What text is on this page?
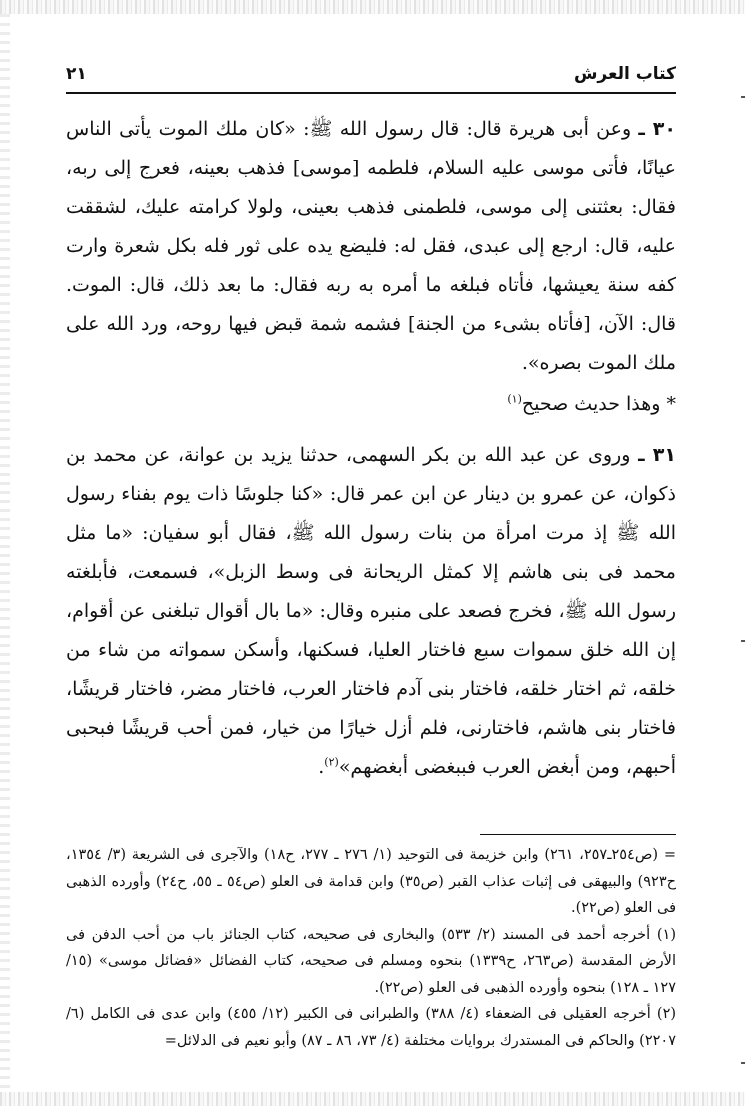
كتاب العرش
٢١

٣٠ ـ وعن أبى هريرة قال: قال رسول الله ﷺ: «كان ملك الموت يأتى الناس عيانًا، فأتى موسى عليه السلام، فلطمه [موسى] فذهب بعينه، فعرج إلى ربه، فقال: بعثتنى إلى موسى، فلطمنى فذهب بعينى، ولولا كرامته عليك، لشققت عليه، قال: ارجع إلى عبدى، فقل له: فليضع يده على ثور فله بكل شعرة وارت كفه سنة يعيشها، فأتاه فبلغه ما أمره به ربه فقال: ما بعد ذلك، قال: الموت. قال: الآن، [فأتاه بشىء من الجنة] فشمه شمة قبض فيها روحه، ورد الله على ملك الموت بصره».

* وهذا حديث صحيح$^{(١)}$

٣١ ـ وروى عن عبد الله بن بكر السهمى، حدثنا يزيد بن عوانة، عن محمد بن ذكوان، عن عمرو بن دينار عن ابن عمر قال: «كنا جلوسًا ذات يوم بفناء رسول الله ﷺ إذ مرت امرأة من بنات رسول الله ﷺ، فقال أبو سفيان: «ما مثل محمد فى بنى هاشم إلا كمثل الريحانة فى وسط الزبل»، فسمعت، فأبلغته رسول الله ﷺ، فخرج فصعد على منبره وقال: «ما بال أقوال تبلغنى عن أقوام، إن الله خلق سموات سبع فاختار العليا، فسكنها، وأسكن سمواته من شاء من خلقه، ثم اختار خلقه، فاختار بنى آدم فاختار العرب، فاختار مضر، فاختار قريشًا، فاختار بنى هاشم، فاختارنى، فلم أزل خيارًا من خيار، فمن أحب قريشًا فبحبى أحبهم، ومن أبغض العرب فببغضى أبغضهم»$^{(٢)}$.

= (ص٢٥٤ـ٢٥٧، ٢٦١) وابن خزيمة فى التوحيد (١/ ٢٧٦ ـ ٢٧٧، ح١٨) والآجرى فى الشريعة (٣/ ١٣٥٤، ح٩٢٣) والبيهقى فى إثبات عذاب القبر (ص٣٥) وابن قدامة فى العلو (ص٥٤ ـ ٥٥، ح٢٤) وأورده الذهبى فى العلو (ص٢٢).

(١) أخرجه أحمد فى المسند (٢/ ٥٣٣) والبخارى فى صحيحه، كتاب الجنائز باب من أحب الدفن فى الأرض المقدسة (ص٢٦٣، ح١٣٣٩) بنحوه ومسلم فى صحيحه، كتاب الفضائل «فضائل موسى» (١٥/ ١٢٧ ـ ١٢٨) بنحوه وأورده الذهبى فى العلو (ص٢٢).

(٢) أخرجه العقيلى فى الضعفاء (٤/ ٣٨٨) والطبرانى فى الكبير (١٢/ ٤٥٥) وابن عدى فى الكامل (٦/ ٢٢٠٧) والحاكم فى المستدرك بروايات مختلفة (٤/ ٧٣، ٨٦ ـ ٨٧) وأبو نعيم فى الدلائل=
